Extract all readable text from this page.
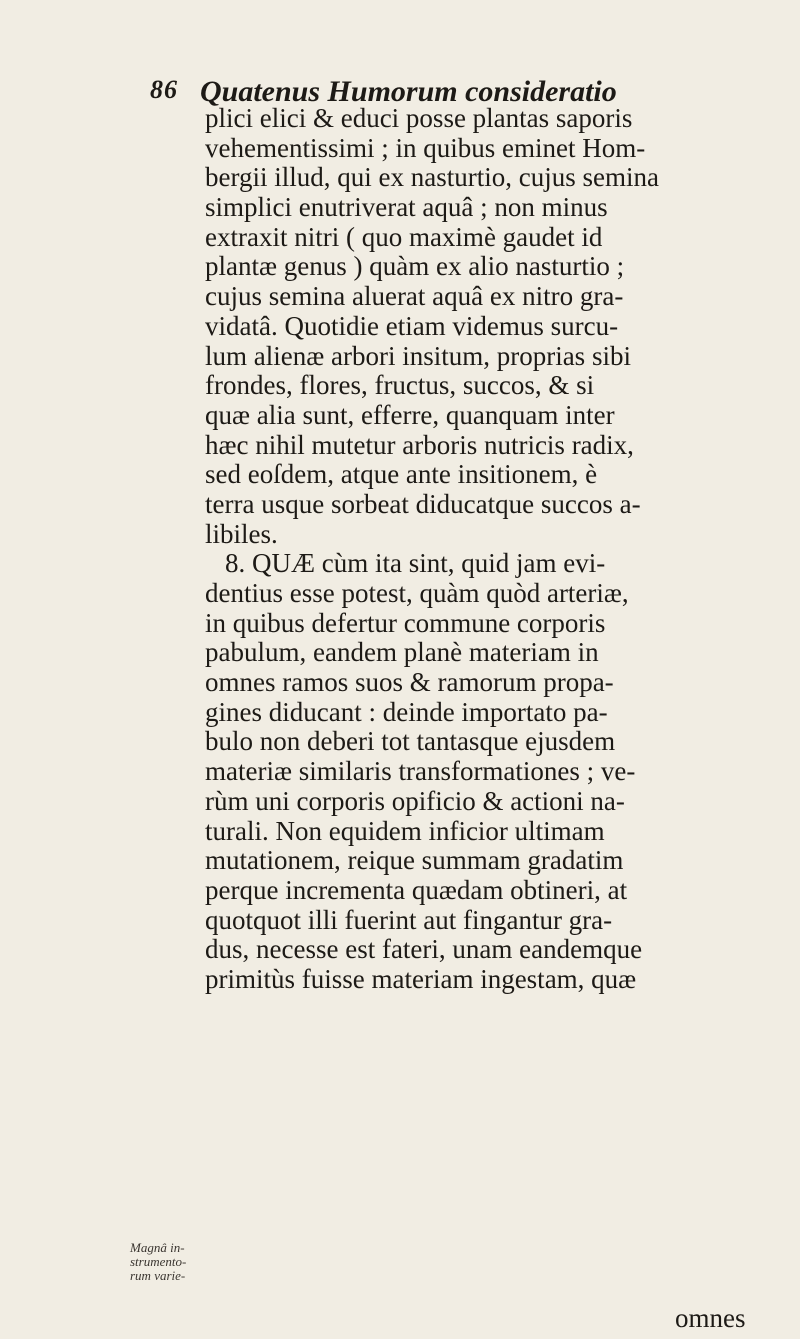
86 Quatenus Humorum consideratio
plici elici & educi posse plantas saporis
vehementissimi ; in quibus eminet Hom-
bergii illud, qui ex nasturtio, cujus semina
simplici enutriverat aquâ ; non minus
extraxit nitri ( quo maximè gaudet id
plantæ genus ) quàm ex alio nasturtio ;
cujus semina aluerat aquâ ex nitro gra-
vidatâ. Quotidie etiam videmus surcu-
lum alienæ arbori insitum, proprias sibi
frondes, flores, fructus, succos, & si
quæ alia sunt, efferre, quanquam inter
hæc nihil mutetur arboris nutricis radix,
sed eoſdem, atque ante insitionem, è
terra usque sorbeat diducatque succos a-
libiles.
8. QUÆ cùm ita sint, quid jam evi-
dentius esse potest, quàm quòd arteriæ,
in quibus defertur commune corporis
pabulum, eandem planè materiam in
omnes ramos suos & ramorum propa-
gines diducant : deinde importato pa-
bulo non deberi tot tantasque ejusdem
materiæ similaris transformationes ; ve-
rùm uni corporis opificio & actioni na-
turali. Non equidem inficior ultimam
mutationem, reique summam gradatim
perque incrementa quædam obtineri, at
quotquot illi fuerint aut fingantur gra-
dus, necesse est fateri, unam eandemque
primitùs fuisse materiam ingestam, quæ
omnes
Magnâ in-
strumento-
rum varie-
